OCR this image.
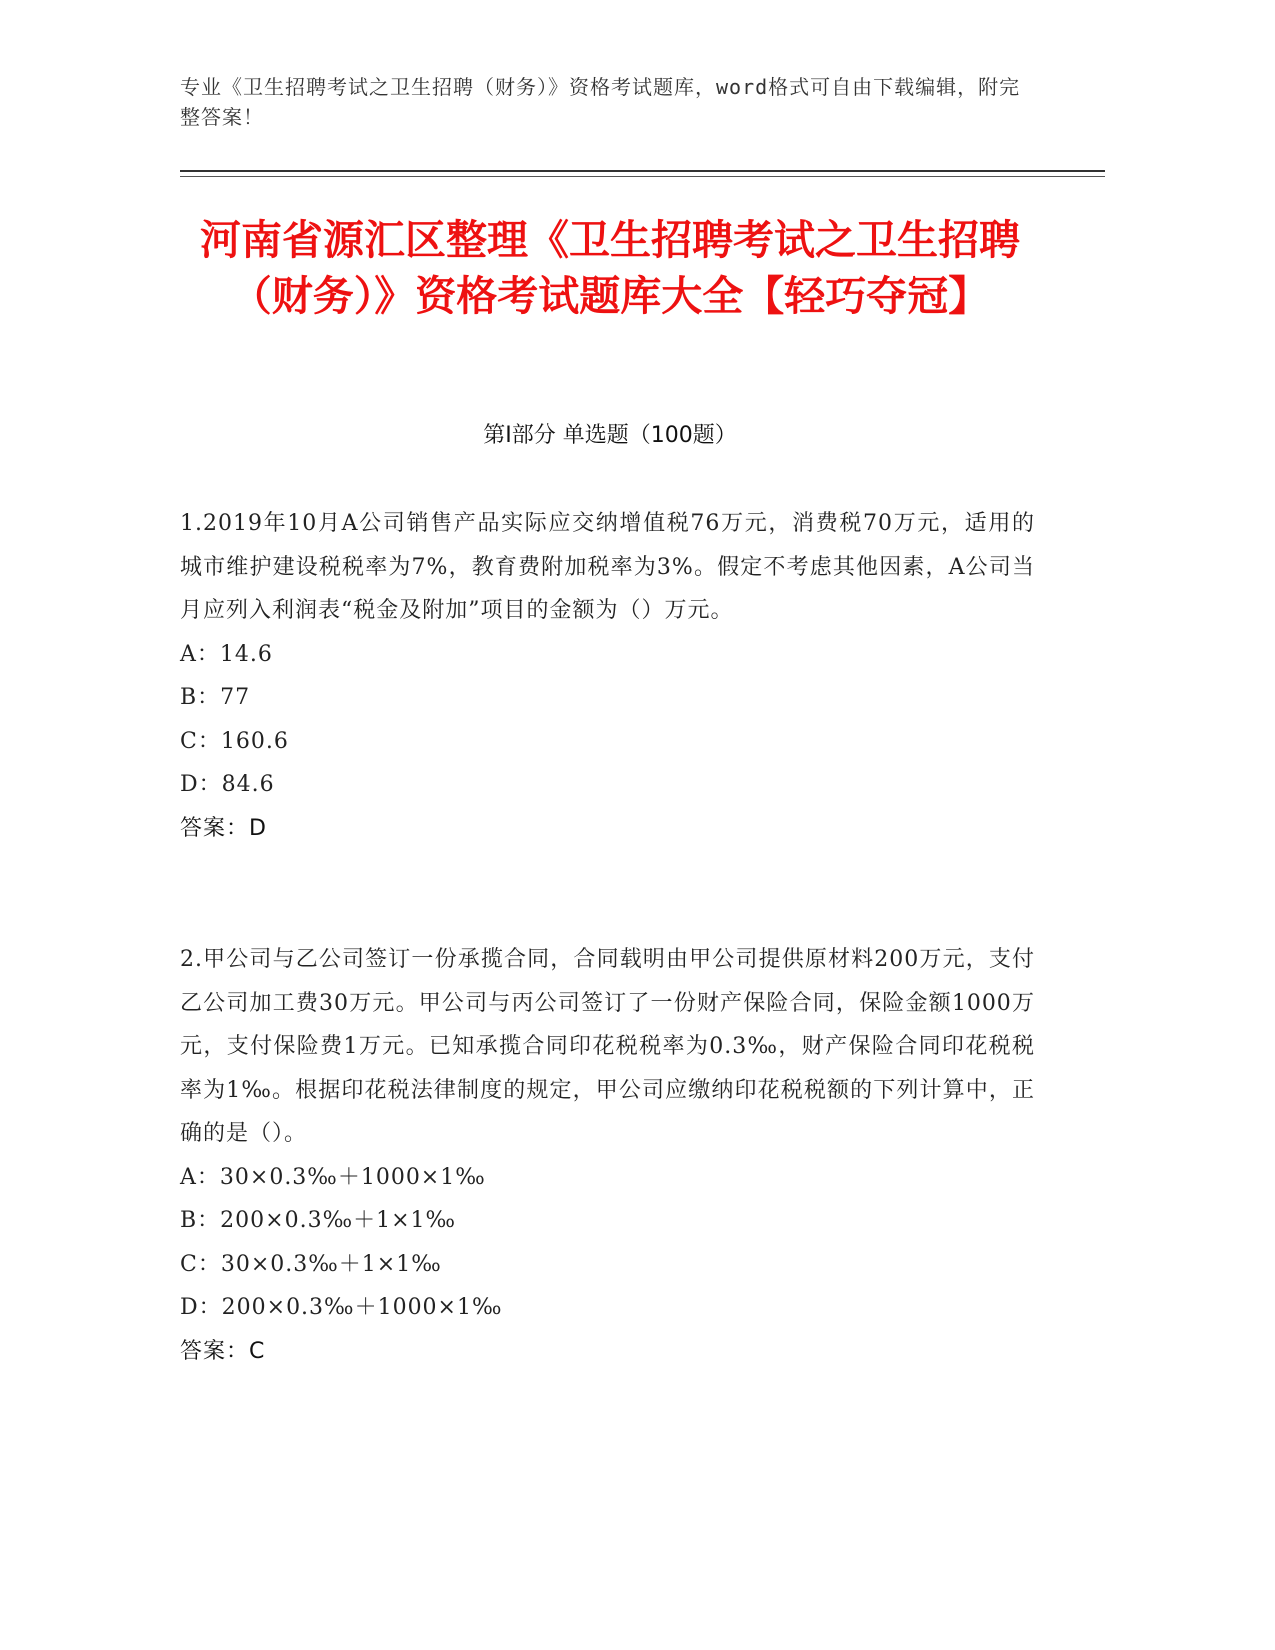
专业《卫生招聘考试之卫生招聘（财务）》资格考试题库，word格式可自由下载编辑，附完整答案！
河南省源汇区整理《卫生招聘考试之卫生招聘（财务）》资格考试题库大全【轻巧夺冠】
第Ⅰ部分 单选题（100题）
1.2019年10月A公司销售产品实际应交纳增值税76万元，消费税70万元，适用的城市维护建设税税率为7%，教育费附加税率为3%。假定不考虑其他因素，A公司当月应列入利润表“税金及附加”项目的金额为（）万元。
A：14.6
B：77
C：160.6
D：84.6
答案：D
2.甲公司与乙公司签订一份承揽合同，合同载明由甲公司提供原材料200万元，支付乙公司加工费30万元。甲公司与丙公司签订了一份财产保险合同，保险金额1000万元，支付保险费1万元。已知承揽合同印花税税率为0.3‰，财产保险合同印花税税率为1‰。根据印花税法律制度的规定，甲公司应缴纳印花税税额的下列计算中，正确的是（）。
A：30×0.3‰＋1000×1‰
B：200×0.3‰＋1×1‰
C：30×0.3‰＋1×1‰
D：200×0.3‰＋1000×1‰
答案：C
